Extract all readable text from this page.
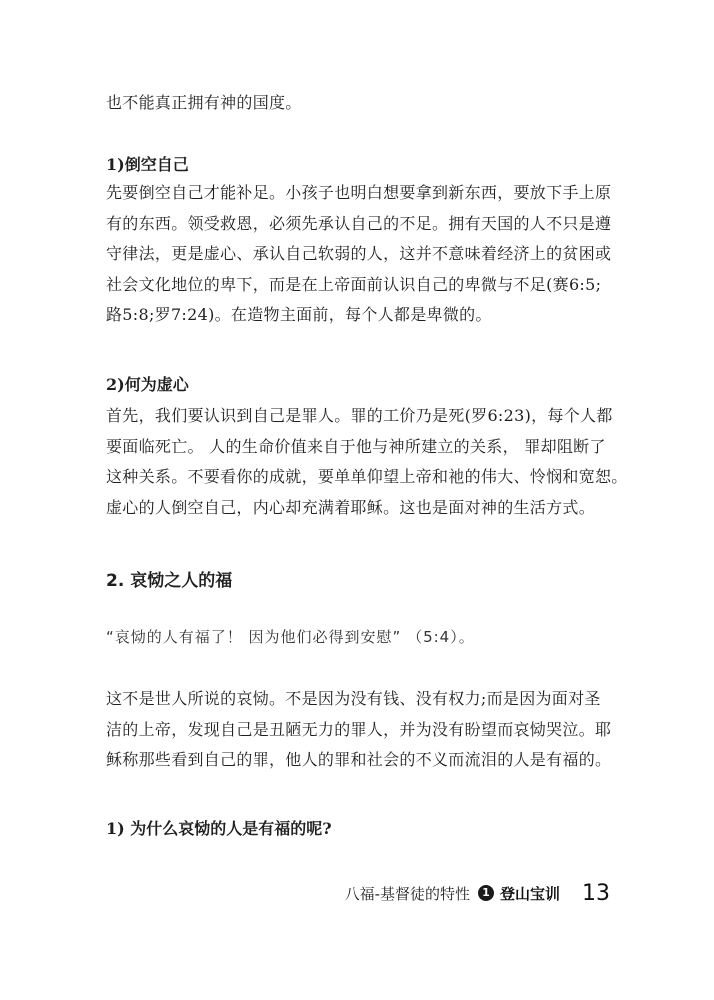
也不能真正拥有神的国度。
1)倒空自己
先要倒空自己才能补足。小孩子也明白想要拿到新东西，要放下手上原
有的东西。领受救恩，必须先承认自己的不足。拥有天国的人不只是遵
守律法，更是虚心、承认自己软弱的人，这并不意味着经济上的贫困或
社会文化地位的卑下，而是在上帝面前认识自己的卑微与不足(赛6:5;
路5:8;罗7:24)。在造物主面前，每个人都是卑微的。
2)何为虚心
首先，我们要认识到自己是罪人。罪的工价乃是死(罗6:23)，每个人都
要面临死亡。 人的生命价值来自于他与神所建立的关系， 罪却阻断了
这种关系。不要看你的成就，要单单仰望上帝和祂的伟大、怜悯和宽恕。
虚心的人倒空自己，内心却充满着耶稣。这也是面对神的生活方式。
2. 哀恸之人的福
“哀恸的人有福了！ 因为他们必得到安慰” （5:4）。
这不是世人所说的哀恸。不是因为没有钱、没有权力;而是因为面对圣
洁的上帝，发现自己是丑陋无力的罪人，并为没有盼望而哀恸哭泣。耶
稣称那些看到自己的罪，他人的罪和社会的不义而流泪的人是有福的。
1) 为什么哀恸的人是有福的呢?
八福-基督徒的特性	1 登山宝训 13
